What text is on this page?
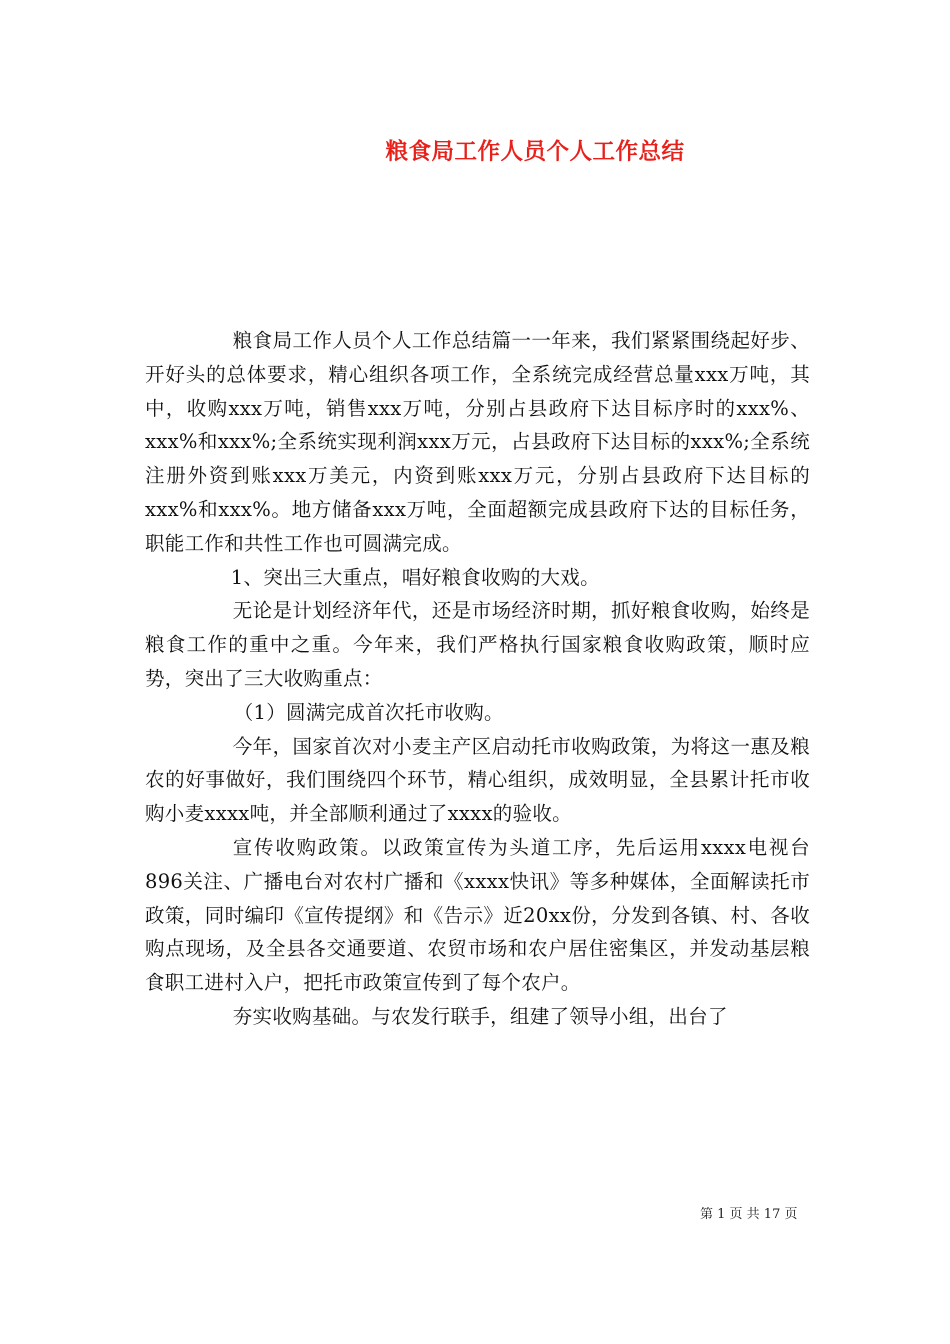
粮食局工作人员个人工作总结

粮食局工作人员个人工作总结篇一一年来，我们紧紧围绕起好步、开好头的总体要求，精心组织各项工作，全系统完成经营总量xxx万吨，其中，收购xxx万吨，销售xxx万吨，分别占县政府下达目标序时的xxx%、xxx%和xxx%;全系统实现利润xxx万元，占县政府下达目标的xxx%;全系统注册外资到账xxx万美元，内资到账xxx万元，分别占县政府下达目标的xxx%和xxx%。地方储备xxx万吨，全面超额完成县政府下达的目标任务，职能工作和共性工作也可圆满完成。

1、突出三大重点，唱好粮食收购的大戏。

无论是计划经济年代，还是市场经济时期，抓好粮食收购，始终是粮食工作的重中之重。今年来，我们严格执行国家粮食收购政策，顺时应势，突出了三大收购重点：

（1）圆满完成首次托市收购。

今年，国家首次对小麦主产区启动托市收购政策，为将这一惠及粮农的好事做好，我们围绕四个环节，精心组织，成效明显，全县累计托市收购小麦xxxx吨，并全部顺利通过了xxxx的验收。

宣传收购政策。以政策宣传为头道工序，先后运用xxxx电视台896关注、广播电台对农村广播和《xxxx快讯》等多种媒体，全面解读托市政策，同时编印《宣传提纲》和《告示》近20xx份，分发到各镇、村、各收购点现场，及全县各交通要道、农贸市场和农户居住密集区，并发动基层粮食职工进村入户，把托市政策宣传到了每个农户。

夯实收购基础。与农发行联手，组建了领导小组，出台了

第 1 页 共 17 页
